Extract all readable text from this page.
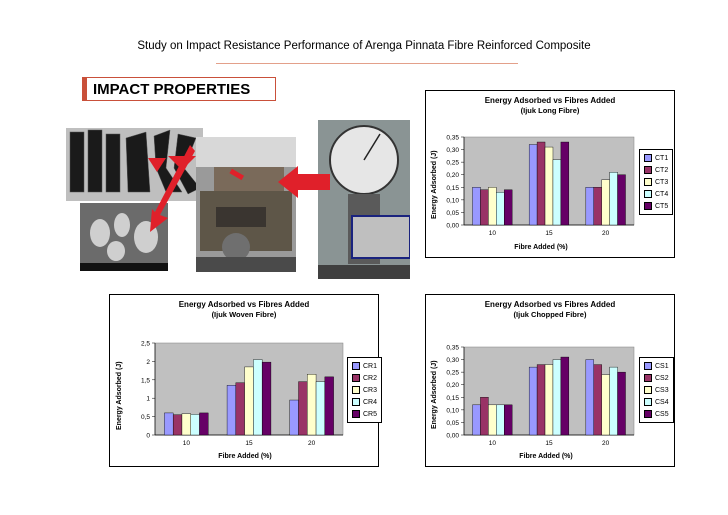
Study on Impact Resistance Performance of Arenga Pinnata Fibre Reinforced Composite
IMPACT PROPERTIES
Energy Adsorbed vs Fibres Added
(Ijuk Long Fibre)
Energy Adsorbed (J)
Fibre Added (%)
0,00
0,05
0,10
0,15
0,20
0,25
0,30
0,35
10	15	20
CT1
CT2
CT3
CT4
CT5
Energy Adsorbed vs Fibres Added
(Ijuk Woven Fibre)
Energy Adsorbed (J)
Fibre Added (%)
0
0,5
1
1,5
2
2,5
10	15	20
CR1
CR2
CR3
CR4
CR5
Energy Adsorbed vs Fibres Added
(Ijuk Chopped Fibre)
Energy Adsorbed (J)
Fibre Added (%)
0,00
0,05
0,10
0,15
0,20
0,25
0,30
0,35
10	15	20
CS1
CS2
CS3
CS4
CS5
